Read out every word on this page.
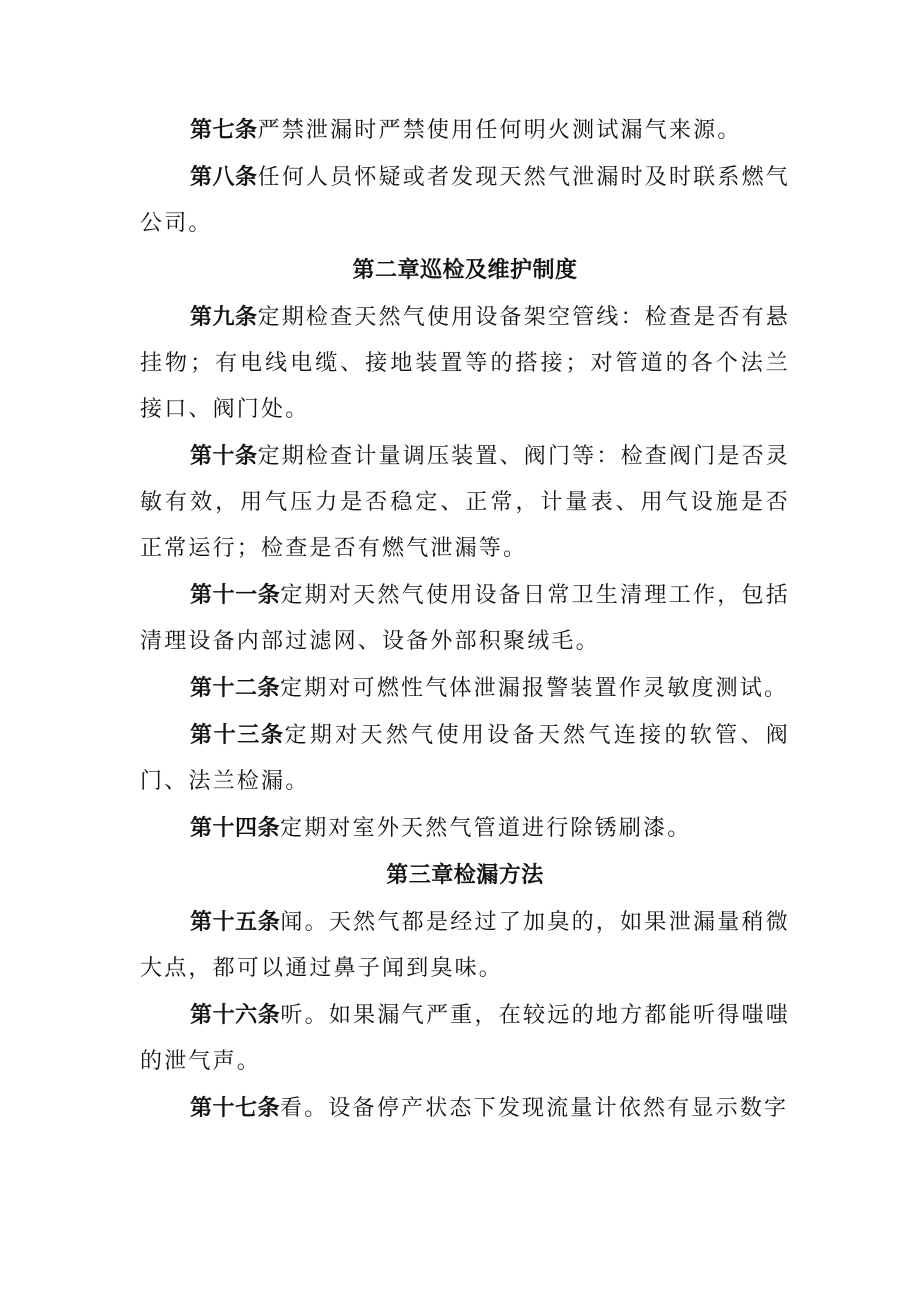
第七条严禁泄漏时严禁使用任何明火测试漏气来源。

第八条任何人员怀疑或者发现天然气泄漏时及时联系燃气公司。

第二章巡检及维护制度

第九条定期检查天然气使用设备架空管线：检查是否有悬挂物；有电线电缆、接地装置等的搭接；对管道的各个法兰接口、阀门处。

第十条定期检查计量调压装置、阀门等：检查阀门是否灵敏有效，用气压力是否稳定、正常，计量表、用气设施是否正常运行；检查是否有燃气泄漏等。

第十一条定期对天然气使用设备日常卫生清理工作，包括清理设备内部过滤网、设备外部积聚绒毛。

第十二条定期对可燃性气体泄漏报警装置作灵敏度测试。

第十三条定期对天然气使用设备天然气连接的软管、阀门、法兰检漏。

第十四条定期对室外天然气管道进行除锈刷漆。

第三章检漏方法

第十五条闻。天然气都是经过了加臭的，如果泄漏量稍微大点，都可以通过鼻子闻到臭味。

第十六条听。如果漏气严重，在较远的地方都能听得嗤嗤的泄气声。

第十七条看。设备停产状态下发现流量计依然有显示数字
